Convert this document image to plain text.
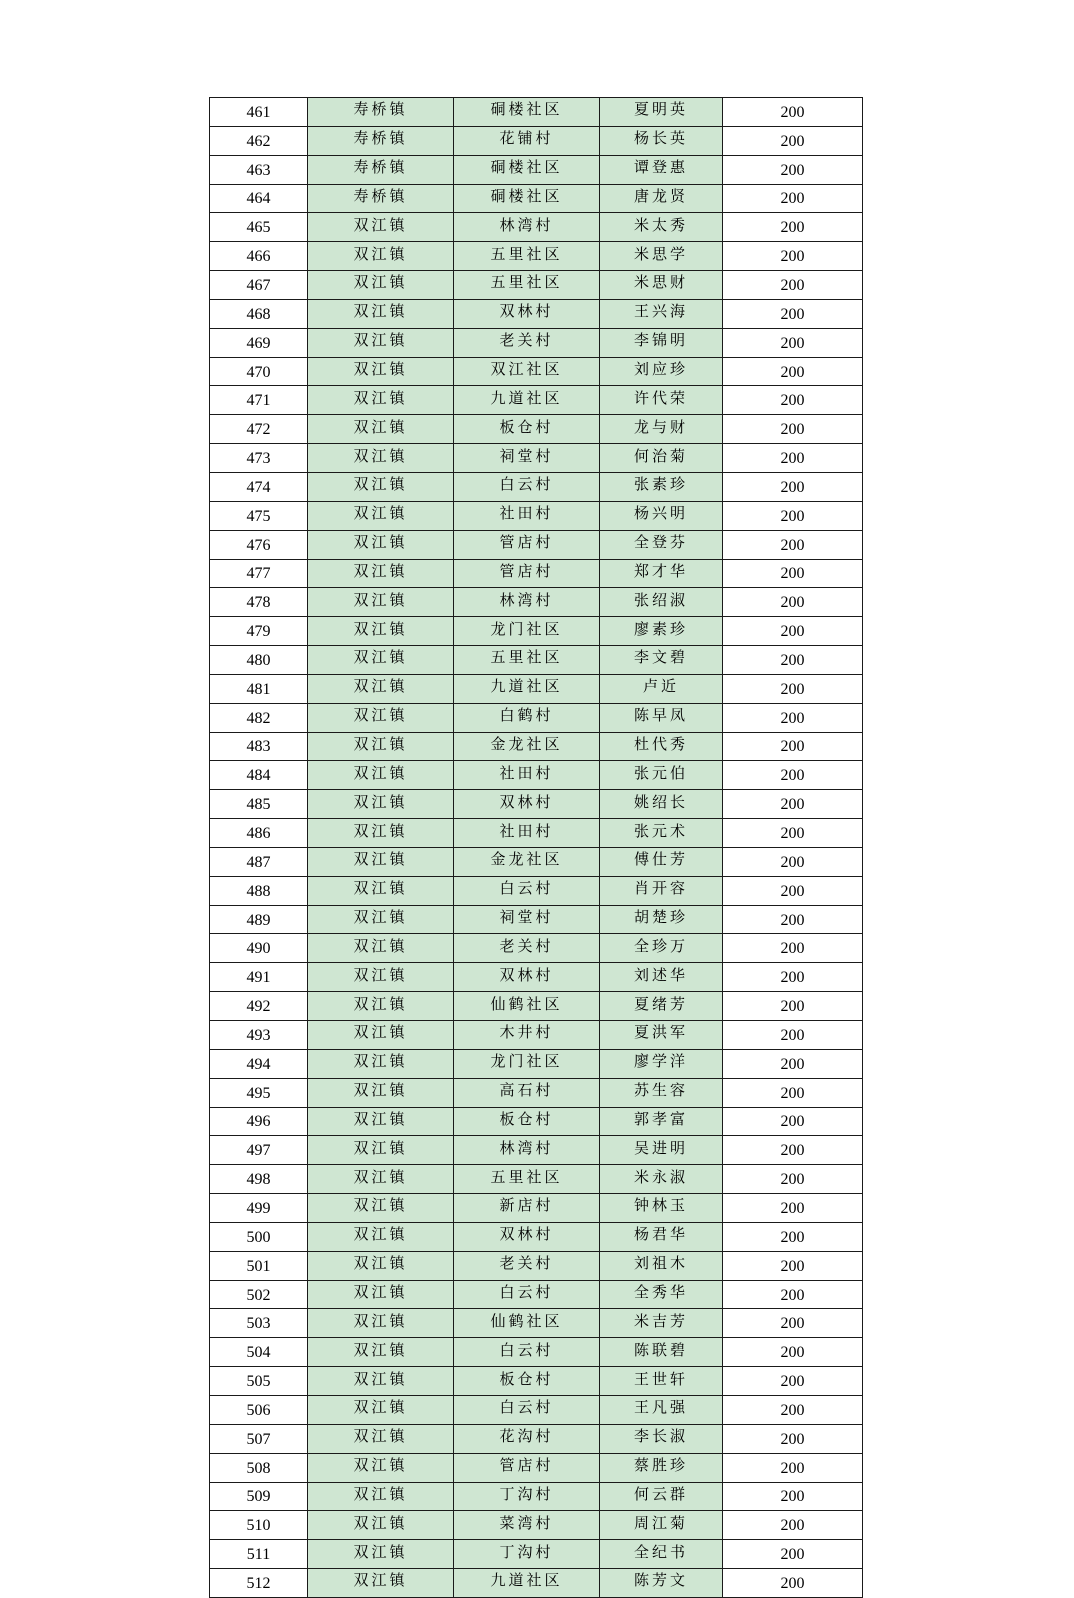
461	寿桥镇	硐楼社区	夏明英	200
462	寿桥镇	花铺村	杨长英	200
463	寿桥镇	硐楼社区	谭登惠	200
464	寿桥镇	硐楼社区	唐龙贤	200
465	双江镇	林湾村	米太秀	200
466	双江镇	五里社区	米思学	200
467	双江镇	五里社区	米思财	200
468	双江镇	双林村	王兴海	200
469	双江镇	老关村	李锦明	200
470	双江镇	双江社区	刘应珍	200
471	双江镇	九道社区	许代荣	200
472	双江镇	板仓村	龙与财	200
473	双江镇	祠堂村	何治菊	200
474	双江镇	白云村	张素珍	200
475	双江镇	社田村	杨兴明	200
476	双江镇	管店村	全登芬	200
477	双江镇	管店村	郑才华	200
478	双江镇	林湾村	张绍淑	200
479	双江镇	龙门社区	廖素珍	200
480	双江镇	五里社区	李文碧	200
481	双江镇	九道社区	卢近	200
482	双江镇	白鹤村	陈早凤	200
483	双江镇	金龙社区	杜代秀	200
484	双江镇	社田村	张元伯	200
485	双江镇	双林村	姚绍长	200
486	双江镇	社田村	张元术	200
487	双江镇	金龙社区	傅仕芳	200
488	双江镇	白云村	肖开容	200
489	双江镇	祠堂村	胡楚珍	200
490	双江镇	老关村	全珍万	200
491	双江镇	双林村	刘述华	200
492	双江镇	仙鹤社区	夏绪芳	200
493	双江镇	木井村	夏洪军	200
494	双江镇	龙门社区	廖学洋	200
495	双江镇	高石村	苏生容	200
496	双江镇	板仓村	郭孝富	200
497	双江镇	林湾村	吴进明	200
498	双江镇	五里社区	米永淑	200
499	双江镇	新店村	钟林玉	200
500	双江镇	双林村	杨君华	200
501	双江镇	老关村	刘祖木	200
502	双江镇	白云村	全秀华	200
503	双江镇	仙鹤社区	米吉芳	200
504	双江镇	白云村	陈联碧	200
505	双江镇	板仓村	王世轩	200
506	双江镇	白云村	王凡强	200
507	双江镇	花沟村	李长淑	200
508	双江镇	管店村	蔡胜珍	200
509	双江镇	丁沟村	何云群	200
510	双江镇	菜湾村	周江菊	200
511	双江镇	丁沟村	全纪书	200
512	双江镇	九道社区	陈芳文	200
